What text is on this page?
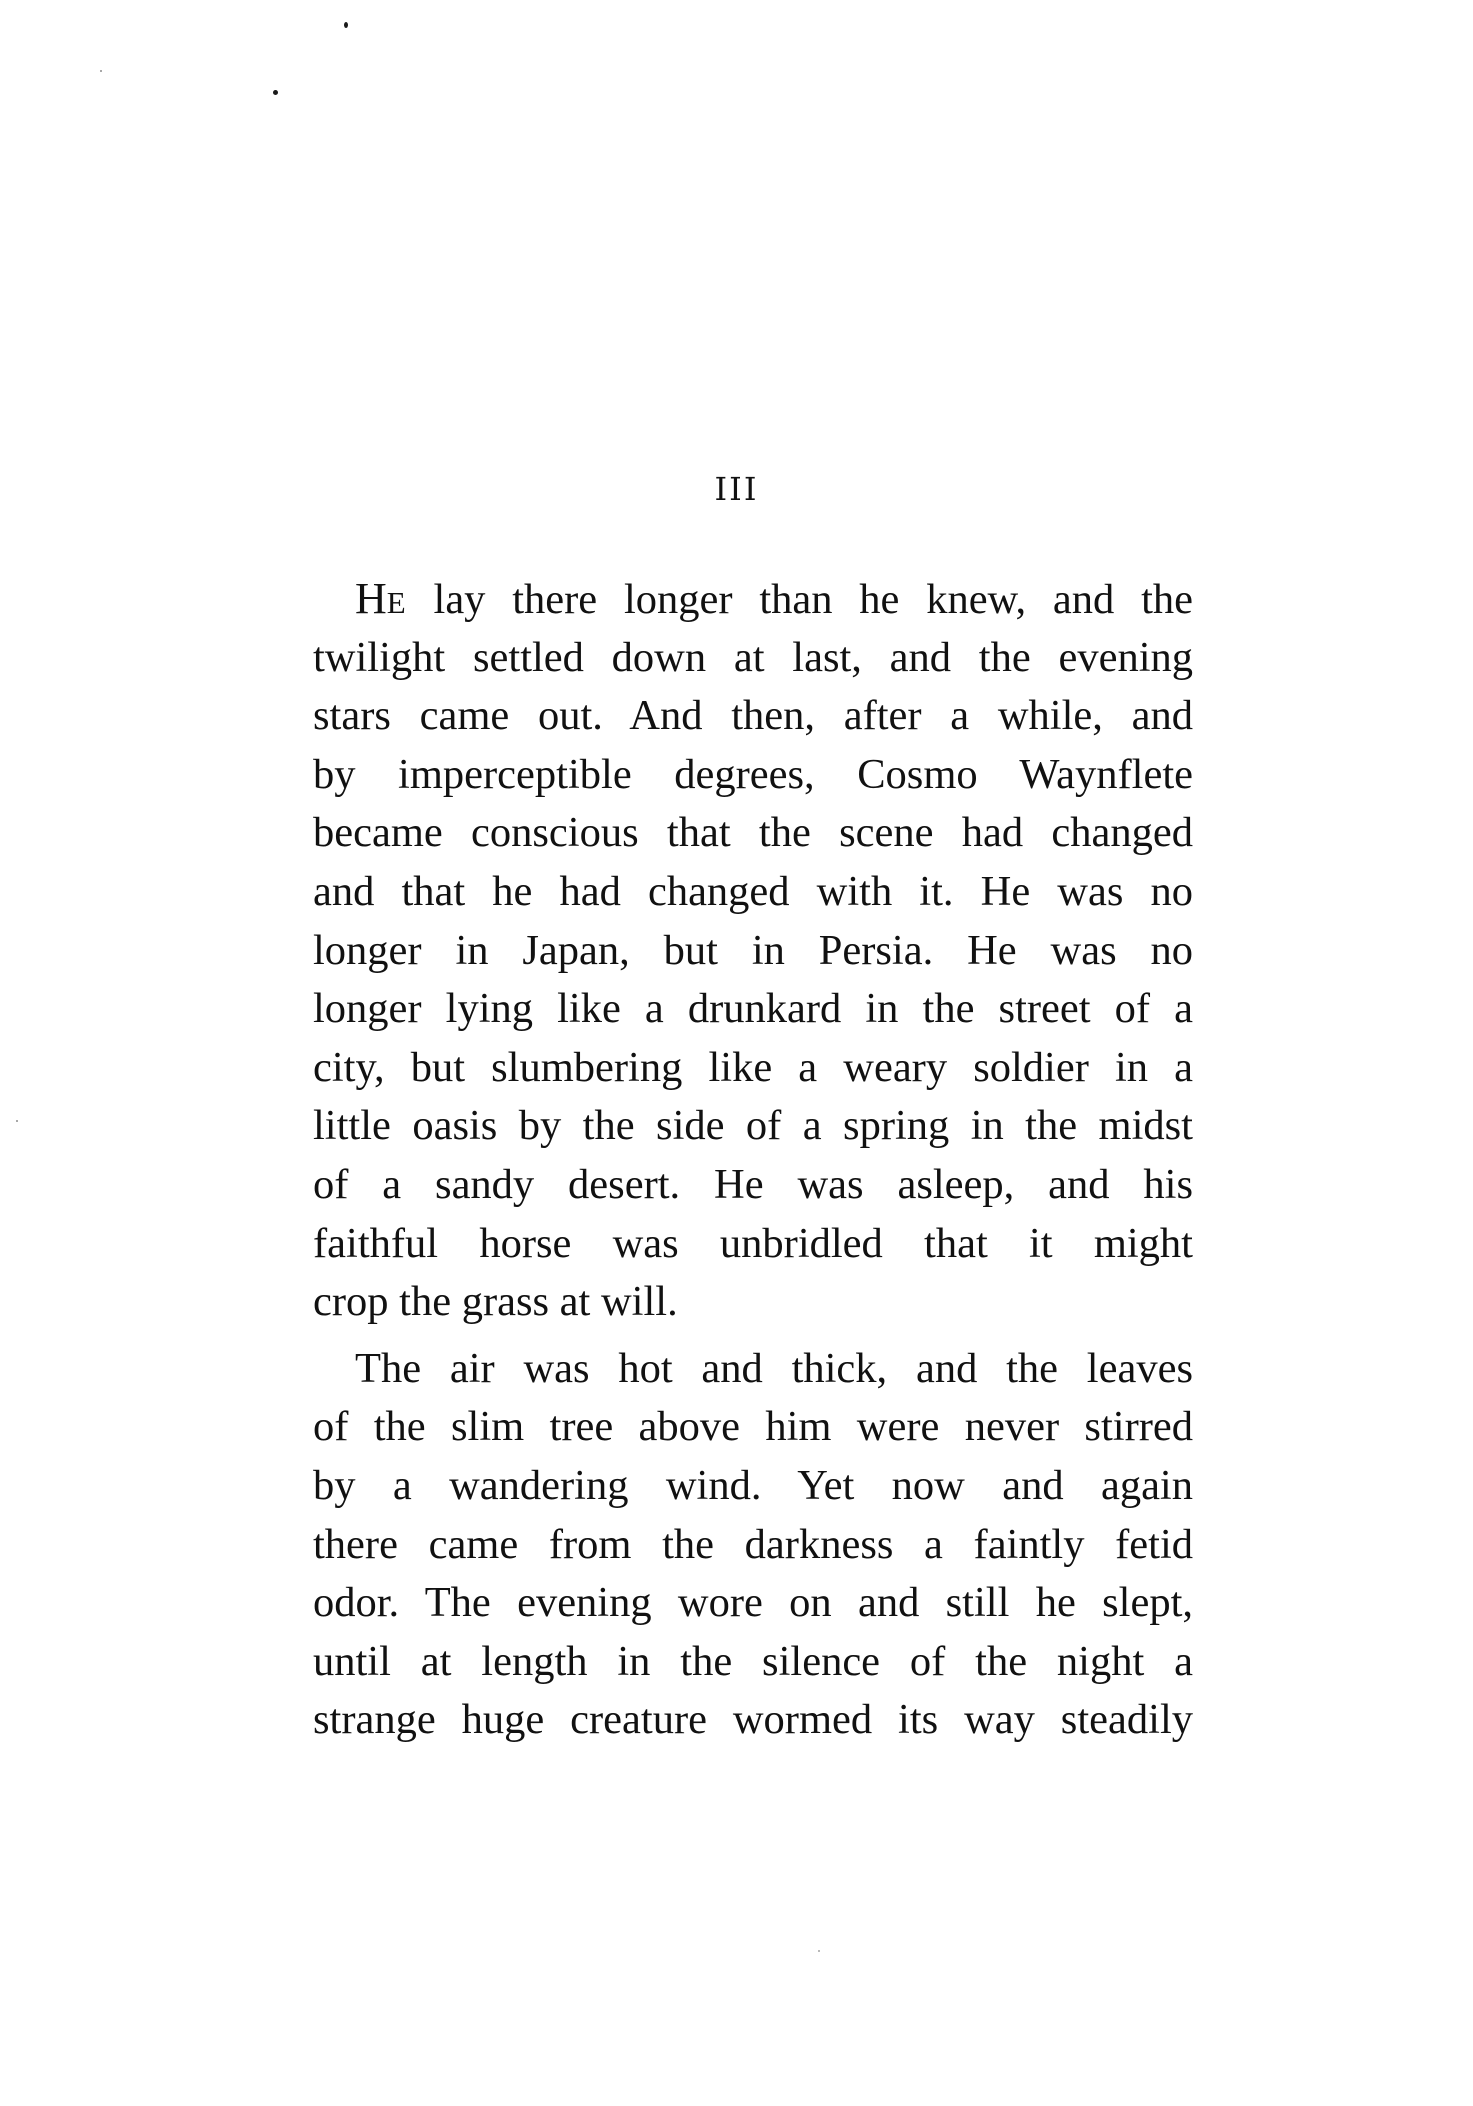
III
HE lay there longer than he knew, and the
twilight settled down at last, and the evening
stars came out. And then, after a while, and
by imperceptible degrees, Cosmo Waynflete
became conscious that the scene had changed
and that he had changed with it. He was no
longer in Japan, but in Persia. He was no
longer lying like a drunkard in the street of a
city, but slumbering like a weary soldier in a
little oasis by the side of a spring in the midst
of a sandy desert. He was asleep, and his
faithful horse was unbridled that it might
crop the grass at will.
The air was hot and thick, and the leaves
of the slim tree above him were never stirred
by a wandering wind. Yet now and again
there came from the darkness a faintly fetid
odor. The evening wore on and still he slept,
until at length in the silence of the night a
strange huge creature wormed its way steadily
